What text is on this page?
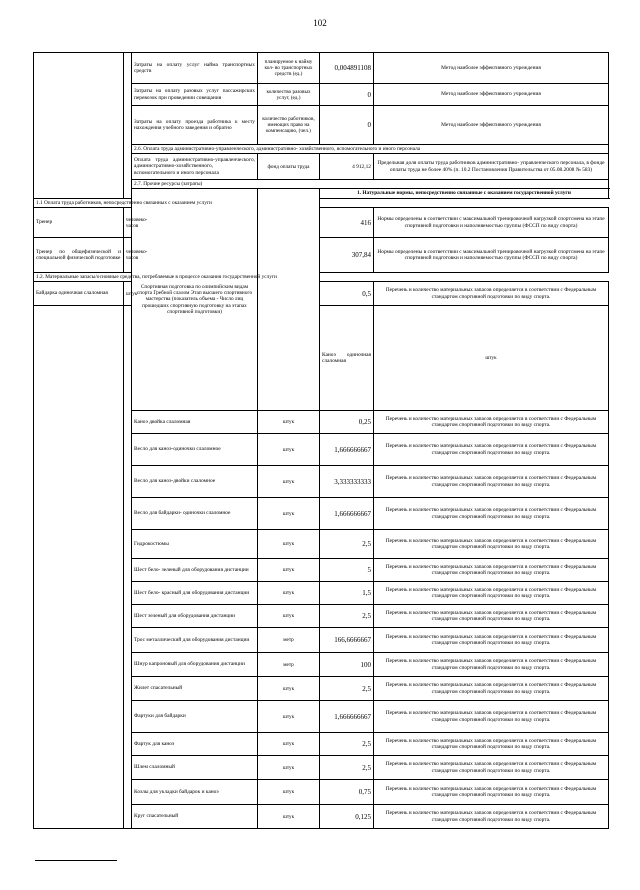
102
		Затраты на оплату услуг найма транспортных средств	планируемое к найму кол- во транспортных средств (ед.)	0,004891108	Метод наиболее эффективного учреждения	
		Затраты на оплату разовых услуг пассажирских перевозок при проведении совещания	количество разовых услуг, (ед.)	0	Метод наиболее эффективного учреждения	
		Затраты на оплату проезда работника к месту нахождения учебного заведения и обратно	количество работников, имеющих право на компенсацию, (чел.)	0	Метод наиболее эффективного учреждения	
		2.6. Оплата труда административно-управленческого, административно- хозяйственного, вспомогательного и иного персонала				
		Оплата труда административно-управленческого, административно-хозяйственного, вспомогательного и иного персонала	фонд оплаты труда	4 912,12	Предельная доля оплаты труда работников административно- управленческого персонала, в фонде оплаты труда не более 40% (п. 10.2 Постановления Правительства от 05.08.2008 № 583)	
		2.7. Прочие ресурсы (затраты)				
		Спортивная подготовка по олимпийским видам спорта Гребной слалом Этап высшего спортивного мастерства (показатель объема - Число лиц прошедших спортивную подготовку на этапах спортивной подготовки)		1. Натуральные нормы, непосредственно связанные с оказанием государственной услуги		
1.1 Оплата труда работников, непосредственно связанных с оказанием услуги						
Тренер	человеко- часов			416	Нормы определены в соответствии с максимальной тренировочной нагрузкой спортсмена на этапе спортивной подготовки и наполняемостью группы (ФССП по виду спорта)	
Тренер по общефизической и специальной физической подготовке	человеко- часов			307,84	Нормы определены в соответствии с максимальной тренировочной нагрузкой спортсмена на этапе спортивной подготовки и наполняемостью группы (ФССП по виду спорта)	
1.2. Материальные запасы/основные средства, потребляемые в процессе оказания государственной услуги						
Байдарка одиночная слаломная	штук			0,5	Перечень и количество материальных запасов определяется в соответствии с Федеральным стандартом спортивной подготовки по виду спорта.	
				Каноэ одиночная слаломная	штук		
		Каноэ двойка слаломная	штук	0,25	Перечень и количество материальных запасов определяется в соответствии с Федеральным стандартом спортивной подготовки по виду спорта.	
		Весло для каноэ-одиночки слаломное	штук	1,666666667	Перечень и количество материальных запасов определяется в соответствии с Федеральным стандартом спортивной подготовки по виду спорта.	
		Весло для каноэ-двойки слаломное	штук	3,333333333	Перечень и количество материальных запасов определяется в соответствии с Федеральным стандартом спортивной подготовки по виду спорта.	
		Весло для байдарки- одиночки слаломное	штук	1,666666667	Перечень и количество материальных запасов определяется в соответствии с Федеральным стандартом спортивной подготовки по виду спорта.	
		Гидрокостюмы	штук	2,5	Перечень и количество материальных запасов определяется в соответствии с Федеральным стандартом спортивной подготовки по виду спорта.	
		Шест бело- зеленый для оборудования дистанции	штук	5	Перечень и количество материальных запасов определяется в соответствии с Федеральным стандартом спортивной подготовки по виду спорта.	
		Шест бело- красный для оборудования дистанции	штук	1,5	Перечень и количество материальных запасов определяется в соответствии с Федеральным стандартом спортивной подготовки по виду спорта.	
		Шест зеленый для оборудования дистанции	штук	2,5	Перечень и количество материальных запасов определяется в соответствии с Федеральным стандартом спортивной подготовки по виду спорта.	
		Трос металлический для оборудования дистанции	метр	166,6666667	Перечень и количество материальных запасов определяется в соответствии с Федеральным стандартом спортивной подготовки по виду спорта.	
		Шнур капроновый для оборудования дистанции	метр	100	Перечень и количество материальных запасов определяется в соответствии с Федеральным стандартом спортивной подготовки по виду спорта.	
		Жилет спасательный	штук	2,5	Перечень и количество материальных запасов определяется в соответствии с Федеральным стандартом спортивной подготовки по виду спорта.	
		Фартуки для байдарки	штук	1,666666667	Перечень и количество материальных запасов определяется в соответствии с Федеральным стандартом спортивной подготовки по виду спорта.	
		Фартук для каноэ	штук	2,5	Перечень и количество материальных запасов определяется в соответствии с Федеральным стандартом спортивной подготовки по виду спорта.	
		Шлем слаломный	штук	2,5	Перечень и количество материальных запасов определяется в соответствии с Федеральным стандартом спортивной подготовки по виду спорта.	
		Козлы для укладки байдарок и каноэ	штук	0,75	Перечень и количество материальных запасов определяется в соответствии с Федеральным стандартом спортивной подготовки по виду спорта.	
		Круг спасательный	штук	0,125	Перечень и количество материальных запасов определяется в соответствии с Федеральным стандартом спортивной подготовки по виду спорта.	
